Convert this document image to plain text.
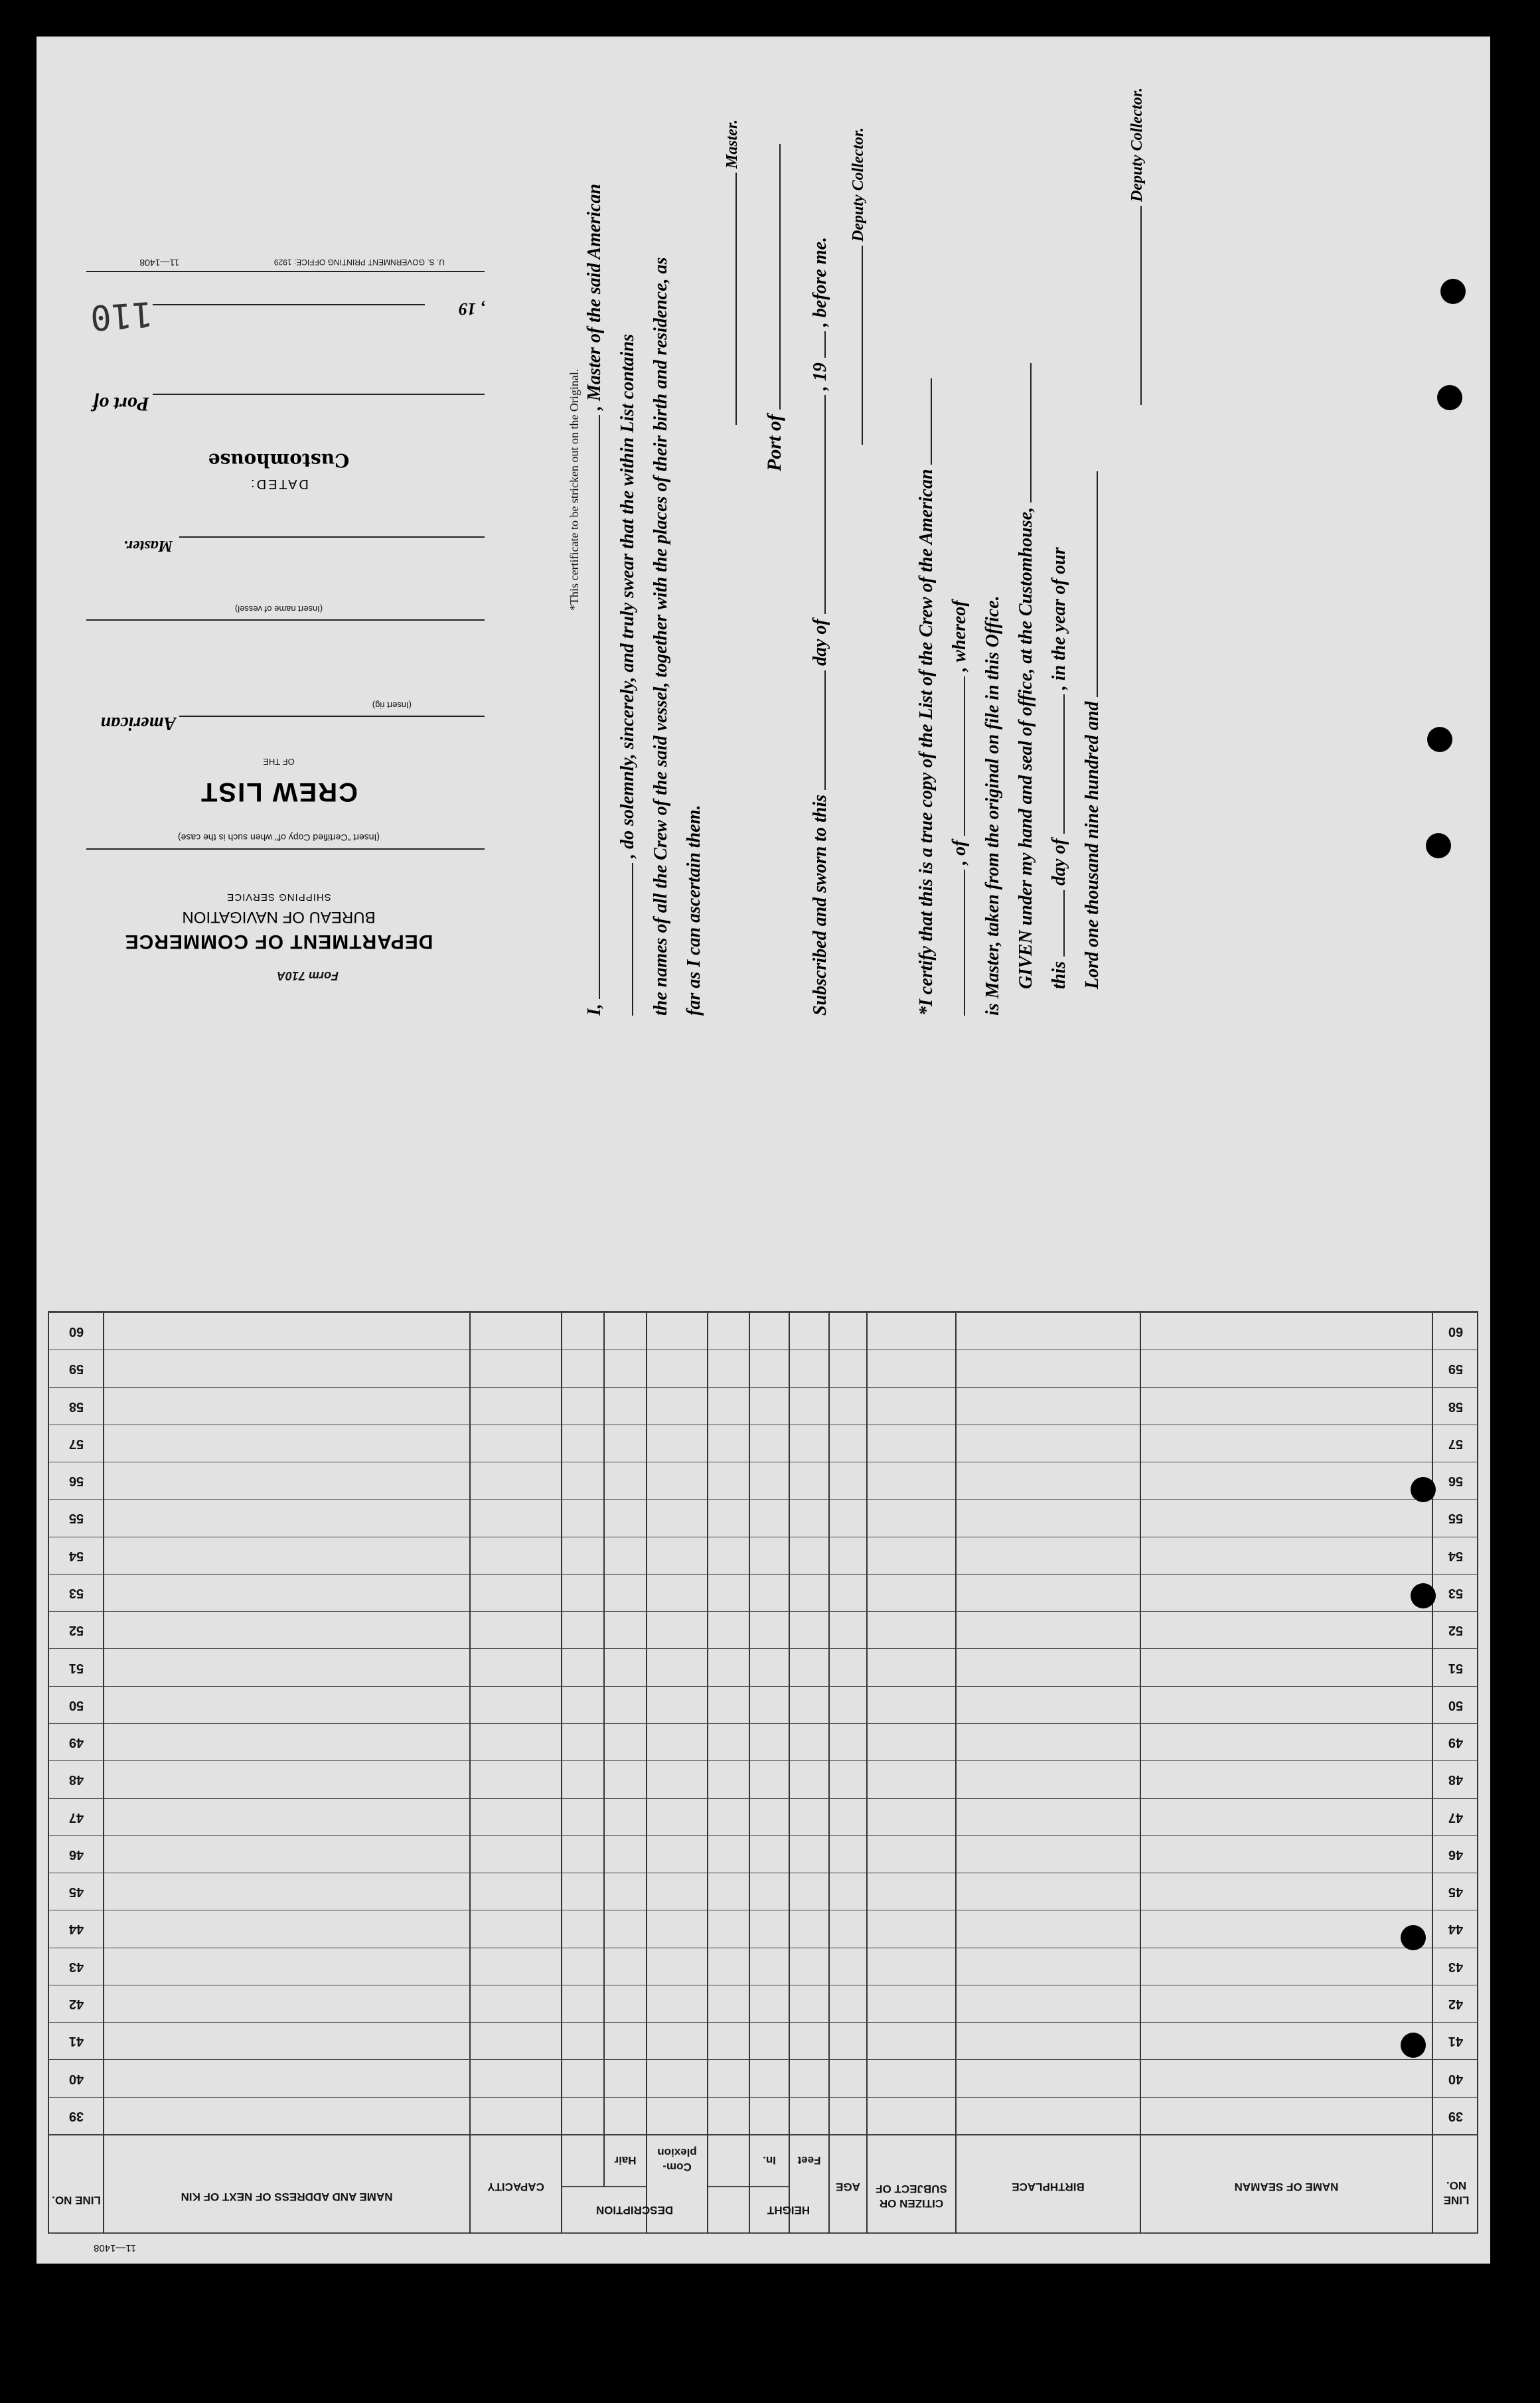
11—1408
LINE NO.
NAME OF SEAMAN
BIRTHPLACE
CITIZEN OR SUBJECT OF
AGE
HEIGHT
Feet
In.
DESCRIPTION
Com-plexion
Hair
CAPACITY
NAME AND ADDRESS OF NEXT OF KIN
LINE NO.
39
39
40
40
41
41
42
42
43
43
44
44
45
45
46
46
47
47
48
48
49
49
50
50
51
51
52
52
53
53
54
54
55
55
56
56
57
57
58
58
59
59
60
60
Form 710A
DEPARTMENT OF COMMERCE
BUREAU OF NAVIGATION
SHIPPING SERVICE
(Insert "Certified Copy of" when such is the case)
CREW LIST
OF THE
American
(Insert rig)
(Insert name of vessel)
Master.
DATED:
Customhouse
Port of
110	, 19
U. S. GOVERNMENT PRINTING OFFICE: 1929
11—1408
*This certificate to be stricken out on the Original.
I,  , Master of the said American
, do solemnly, sincerely, and truly swear that the within List contains the names of all the Crew of the said vessel, together with the places of their birth and residence, as far as I can ascertain them.
Master.
Port of
Subscribed and sworn to this  day of  , 19  , before me.
Deputy Collector.
*I certify that this is a true copy of the List of the Crew of the American , of  , whereof is Master, taken from the original on file in this Office. GIVEN under my hand and seal of office, at the Customhouse, this  day of  , in the year of our
Lord one thousand nine hundred and
Deputy Collector.
